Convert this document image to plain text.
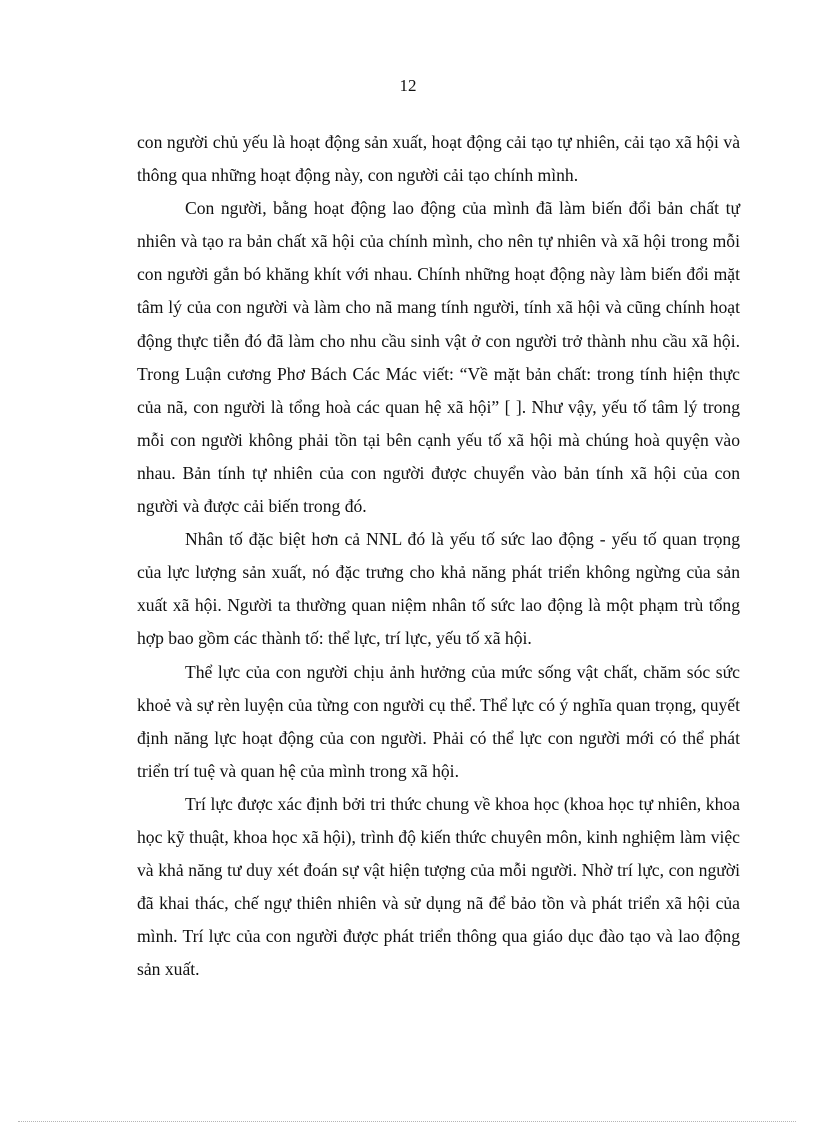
12

con người chủ yếu là hoạt động sản xuất, hoạt động cải tạo tự nhiên, cải tạo xã hội và thông qua những hoạt động này, con người cải tạo chính mình.

Con người, bằng hoạt động lao động của mình đã làm biến đổi bản chất tự nhiên và tạo ra bản chất xã hội của chính mình, cho nên tự nhiên và xã hội trong mỗi con người gắn bó khăng khít với nhau. Chính những hoạt động này làm biến đổi mặt tâm lý của con người và làm cho nã mang tính người, tính xã hội và cũng chính hoạt động thực tiễn đó đã làm cho nhu cầu sinh vật ở con người trở thành nhu cầu xã hội. Trong Luận cương Phơ Bách Các Mác viết: “Về mặt bản chất: trong tính hiện thực của nã, con người là tổng hoà các quan hệ xã hội” [ ]. Như vậy, yếu tố tâm lý trong mỗi con người không phải tồn tại bên cạnh yếu tố xã hội mà chúng hoà quyện vào nhau. Bản tính tự nhiên của con người được chuyển vào bản tính xã hội của con người và được cải biến trong đó.

Nhân tố đặc biệt hơn cả NNL đó là yếu tố sức lao động - yếu tố quan trọng của lực lượng sản xuất, nó đặc trưng cho khả năng phát triển không ngừng của sản xuất xã hội. Người ta thường quan niệm nhân tố sức lao động là một phạm trù tổng hợp bao gồm các thành tố: thể lực, trí lực, yếu tố xã hội.

Thể lực của con người chịu ảnh hưởng của mức sống vật chất, chăm sóc sức khoẻ và sự rèn luyện của từng con người cụ thể. Thể lực có ý nghĩa quan trọng, quyết định năng lực hoạt động của con người. Phải có thể lực con người mới có thể phát triển trí tuệ và quan hệ của mình trong xã hội.

Trí lực được xác định bởi tri thức chung về khoa học (khoa học tự nhiên, khoa học kỹ thuật, khoa học xã hội), trình độ kiến thức chuyên môn, kinh nghiệm làm việc và khả năng tư duy xét đoán sự vật hiện tượng của mỗi người. Nhờ trí lực, con người đã khai thác, chế ngự thiên nhiên và sử dụng nã để bảo tồn và phát triển xã hội của mình. Trí lực của con người được phát triển thông qua giáo dục đào tạo và lao động sản xuất.
